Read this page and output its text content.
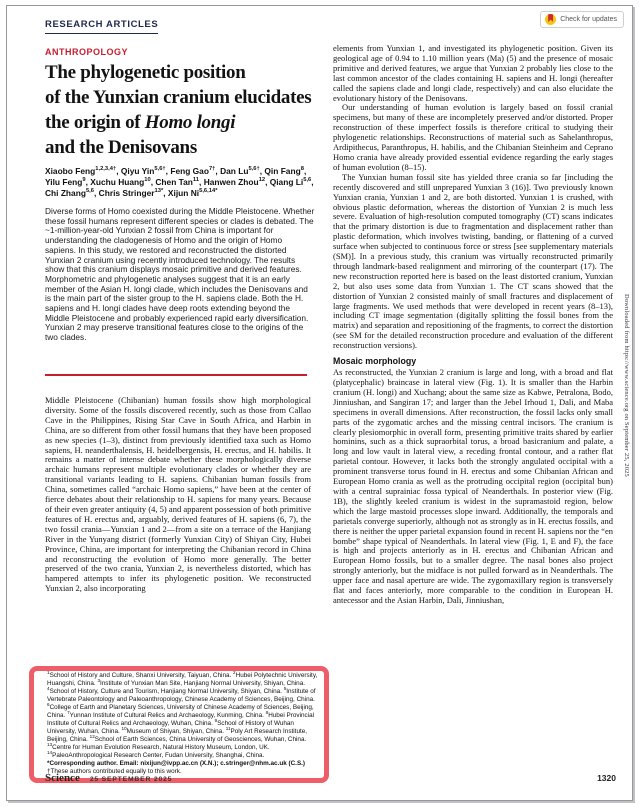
RESEARCH ARTICLES	Check for updates
ANTHROPOLOGY
The phylogenetic position
of the Yunxian cranium elucidates
the origin of Homo longi
and the Denisovans
Xiaobo Feng$^{1,2,3,4\dagger}$, Qiyu Yin$^{5,6\dagger}$, Feng Gao$^{7\dagger}$, Dan $Lu^{5,6\dagger}$, Qin Fang$^8$, Yilu Feng$^9$, Xuchu Huang$^{10}$, Chen Tan$^{11}$, Hanwen Zhou$^{12}$, Qiang Li$^{5,6}$, Chi Zhang$^{5,6}$, Chris Stringer$^{13*}$, Xijun $Ni^{5,6,14*}$
Diverse forms of Homo coexisted during the Middle Pleistocene. Whether these fossil humans represent different species or clades is debated. The ~1-million-year-old Yunxian 2 fossil from China is important for understanding the cladogenesis of Homo and the origin of Homo sapiens. In this study, we restored and reconstructed the distorted Yunxian 2 cranium using recently introduced technology. The results show that this cranium displays mosaic primitive and derived features. Morphometric and phylogenetic analyses suggest that it is an early member of the Asian H. longi clade, which includes the Denisovans and is the main part of the sister group to the H. sapiens clade. Both the H. sapiens and H. longi clades have deep roots extending beyond the Middle Pleistocene and probably experienced rapid early diversification. Yunxian 2 may preserve transitional features close to the origins of the two clades.
Middle Pleistocene (Chibanian) human fossils show high morphological diversity. Some of the fossils discovered recently, such as those from Callao Cave in the Philippines, Rising Star Cave in South Africa, and Harbin in China, are so different from other fossil humans that they have been proposed as new species (1–3), distinct from previously identified taxa such as Homo sapiens, H. neanderthalensis, H. heidelbergensis, H. erectus, and H. habilis. It remains a matter of intense debate whether these morphologically diverse archaic humans represent multiple evolutionary clades or whether they are transitional variants leading to H. sapiens. Chibanian human fossils from China, sometimes called “archaic Homo sapiens,” have been at the center of fierce debates about their relationship to H. sapiens for many years. Because of their even greater antiquity (4, 5) and apparent possession of both primitive features of H. erectus and, arguably, derived features of H. sapiens (6, 7), the two fossil crania—Yunxian 1 and 2—from a site on a terrace of the Hanjiang River in the Yunyang district (formerly Yunxian City) of Shiyan City, Hubei Province, China, are important for interpreting the Chibanian record in China and reconstructing the evolution of Homo more generally. The better preserved of the two crania, Yunxian 2, is nevertheless distorted, which has hampered attempts to infer its phylogenetic position. We reconstructed Yunxian 2, also incorporating

elements from Yunxian 1, and investigated its phylogenetic position. Given its geological age of 0.94 to 1.10 million years (Ma) (5) and the presence of mosaic primitive and derived features, we argue that Yunxian 2 probably lies close to the last common ancestor of the clades containing H. sapiens and H. longi (hereafter called the sapiens clade and longi clade, respectively) and can also elucidate the evolutionary history of the Denisovans.

Our understanding of human evolution is largely based on fossil cranial specimens, but many of these are incompletely preserved and/or distorted. Proper reconstruction of these imperfect fossils is therefore critical to studying their phylogenetic relationships. Reconstructions of material such as Sahelanthropus, Ardipithecus, Paranthropus, H. habilis, and the Chibanian Steinheim and Ceprano Homo crania have already provided essential evidence regarding the early stages of human evolution (8–15).

The Yunxian human fossil site has yielded three crania so far [including the recently discovered and still unprepared Yunxian 3 (16)]. Two previously known Yunxian crania, Yunxian 1 and 2, are both distorted. Yunxian 1 is crushed, with obvious plastic deformation, whereas the distortion of Yunxian 2 is much less severe. Evaluation of high-resolution computed tomography (CT) scans indicates that the primary distortion is due to fragmentation and displacement rather than plastic deformation, which involves twisting, banding, or flattening of a curved surface when subjected to continuous force or stress [see supplementary materials (SM)]. In a previous study, this cranium was virtually reconstructed primarily through landmark-based realignment and mirroring of the counterpart (17). The new reconstruction reported here is based on the least distorted cranium, Yunxian 2, but also uses some data from Yunxian 1. The CT scans showed that the distortion of Yunxian 2 consisted mainly of small fractures and displacement of large fragments. We used methods that were developed in recent years (8–13), including CT image segmentation (digitally splitting the fossil bones from the matrix) and separation and repositioning of the fragments, to correct the distortion (see SM for the detailed reconstruction procedure and evaluation of the different reconstruction versions).

Mosaic morphology

As reconstructed, the Yunxian 2 cranium is large and long, with a broad and flat (platycephalic) braincase in lateral view (Fig. 1). It is smaller than the Harbin cranium (H. longi) and Xuchang; about the same size as Kabwe, Petralona, Bodo, Jinniushan, and Sangiran 17; and larger than the Jebel Irhoud 1, Dali, and Maba specimens in overall dimensions. After reconstruction, the fossil lacks only small parts of the zygomatic arches and the missing central incisors. The cranium is clearly plesiomorphic in overall form, presenting primitive traits shared by earlier hominins, such as a thick supraorbital torus, a broad basicranium and palate, a long and low vault in lateral view, a receding frontal contour, and a rather flat parietal contour. However, it lacks both the strongly angulated occipital with a prominent transverse torus found in H. erectus and some Chibanian African and European Homo crania as well as the protruding occipital region (occipital bun) with a central suprainiac fossa typical of Neanderthals. In posterior view (Fig. 1B), the slightly keeled cranium is widest in the supramastoid region, below which the large mastoid processes slope inward. Additionally, the temporals and parietals converge superiorly, although not as strongly as in H. erectus fossils, and there is neither the upper parietal expansion found in recent H. sapiens nor the “en bombe” shape typical of Neanderthals. In lateral view (Fig. 1, E and F), the face is high and projects anteriorly as in H. erectus and Chibanian African and European Homo fossils, but to a smaller degree. The nasal bones also project strongly anteriorly, but the midface is not pulled forward as in Neanderthals. The upper face and nasal aperture are wide. The zygomaxillary region is transversely flat and faces anteriorly, more comparable to the condition in European H. antecessor and the Asian Harbin, Dali, Jinniushan,

$^1$School of History and Culture, Shanxi University, Taiyuan, China. $^2$Hubei Polytechnic University, Huangshi, China. $^3$Institute of Yunxian Man Site, Hanjiang Normal University, Shiyan, China. $^4$School of History, Culture and Tourism, Hanjiang Normal University, Shiyan, China. $^5$Institute of Vertebrate Paleontology and Paleoanthropology, Chinese Academy of Sciences, Beijing, China. $^6$College of Earth and Planetary Sciences, University of Chinese Academy of Sciences, Beijing, China. $^7$Yunnan Institute of Cultural Relics and Archaeology, Kunming, China. $^8$Hubei Provincial Institute of Cultural Relics and Archaeology, Wuhan, China. $^9$School of History of Wuhan University, Wuhan, China. $^{10}$Museum of Shiyan, Shiyan, China. $^{11}$Poly Art Research Institute, Beijing, China. $^{12}$School of Earth Sciences, China University of Geosciences, Wuhan, China. $^{13}$Centre for Human Evolution Research, Natural History Museum, London, UK. $^{14}$PaleoAnthropological Research Center, Fudan University, Shanghai, China.
*Corresponding author. Email: nixijun@ivpp.ac.cn (X.N.); c.stringer@nhm.ac.uk (C.S.)
†These authors contributed equally to this work.
Downloaded from https://www.science.org on September 25, 2025
Science 25 SEPTEMBER 2025	1320
